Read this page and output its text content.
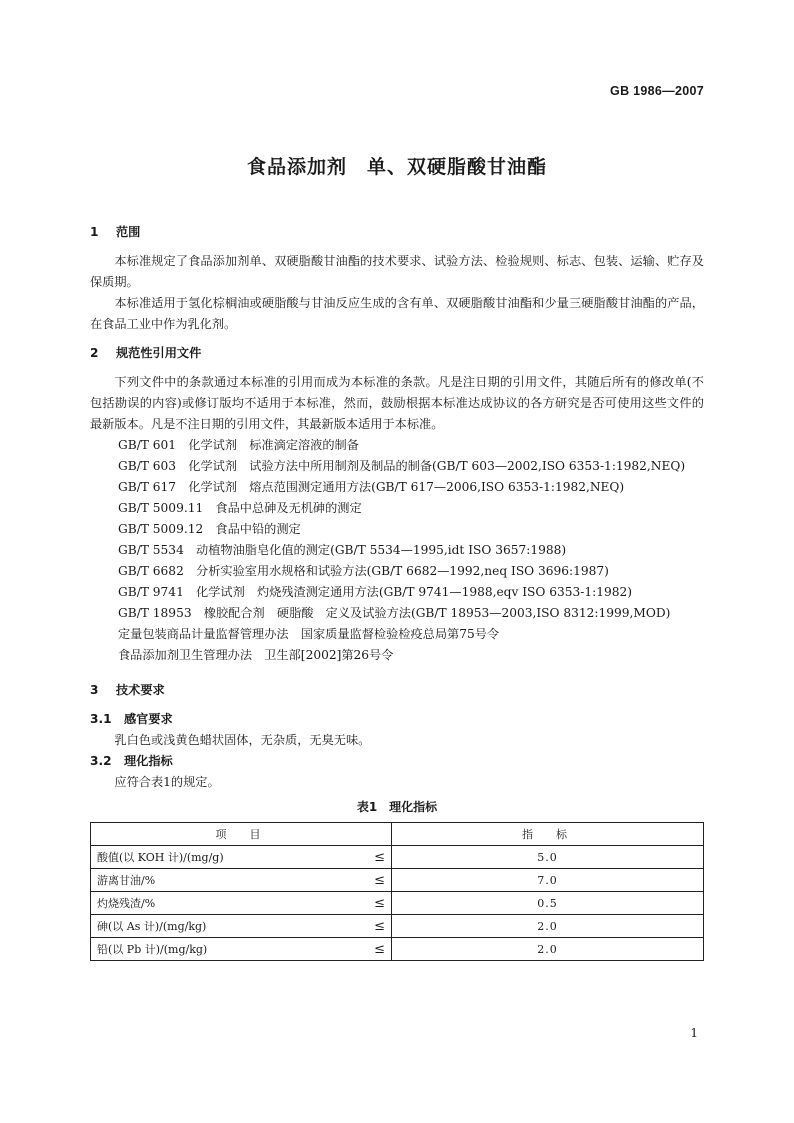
GB 1986—2007
食品添加剂　单、双硬脂酸甘油酯

1 范围

本标准规定了食品添加剂单、双硬脂酸甘油酯的技术要求、试验方法、检验规则、标志、包装、运输、贮存及保质期。

本标准适用于氢化棕榈油或硬脂酸与甘油反应生成的含有单、双硬脂酸甘油酯和少量三硬脂酸甘油酯的产品，在食品工业中作为乳化剂。

2 规范性引用文件

下列文件中的条款通过本标准的引用而成为本标准的条款。凡是注日期的引用文件，其随后所有的修改单(不包括勘误的内容)或修订版均不适用于本标准，然而，鼓励根据本标准达成协议的各方研究是否可使用这些文件的最新版本。凡是不注日期的引用文件，其最新版本适用于本标准。

GB/T 601　化学试剂　标准滴定溶液的制备

GB/T 603　化学试剂　试验方法中所用制剂及制品的制备(GB/T 603—2002,ISO 6353-1:1982,NEQ)

GB/T 617　化学试剂　熔点范围测定通用方法(GB/T 617—2006,ISO 6353-1:1982,NEQ)

GB/T 5009.11　食品中总砷及无机砷的测定

GB/T 5009.12　食品中铅的测定

GB/T 5534　动植物油脂皂化值的测定(GB/T 5534—1995,idt ISO 3657:1988)

GB/T 6682　分析实验室用水规格和试验方法(GB/T 6682—1992,neq ISO 3696:1987)

GB/T 9741　化学试剂　灼烧残渣测定通用方法(GB/T 9741—1988,eqv ISO 6353-1:1982)

GB/T 18953　橡胶配合剂　硬脂酸　定义及试验方法(GB/T 18953—2003,ISO 8312:1999,MOD)

定量包装商品计量监督管理办法　国家质量监督检验检疫总局第75号令

食品添加剂卫生管理办法　卫生部[2002]第26号令

3 技术要求

3.1 感官要求

乳白色或浅黄色蜡状固体，无杂质，无臭无味。

3.2 理化指标

应符合表1的规定。

表1　理化指标
项　目	指　标
酸值(以 KOH 计)/(mg/g) ≤	5.0
游离甘油/% ≤	7.0
灼烧残渣/% ≤	0.5
砷(以 As 计)/(mg/kg) ≤	2.0
铅(以 Pb 计)/(mg/kg) ≤	2.0
1
